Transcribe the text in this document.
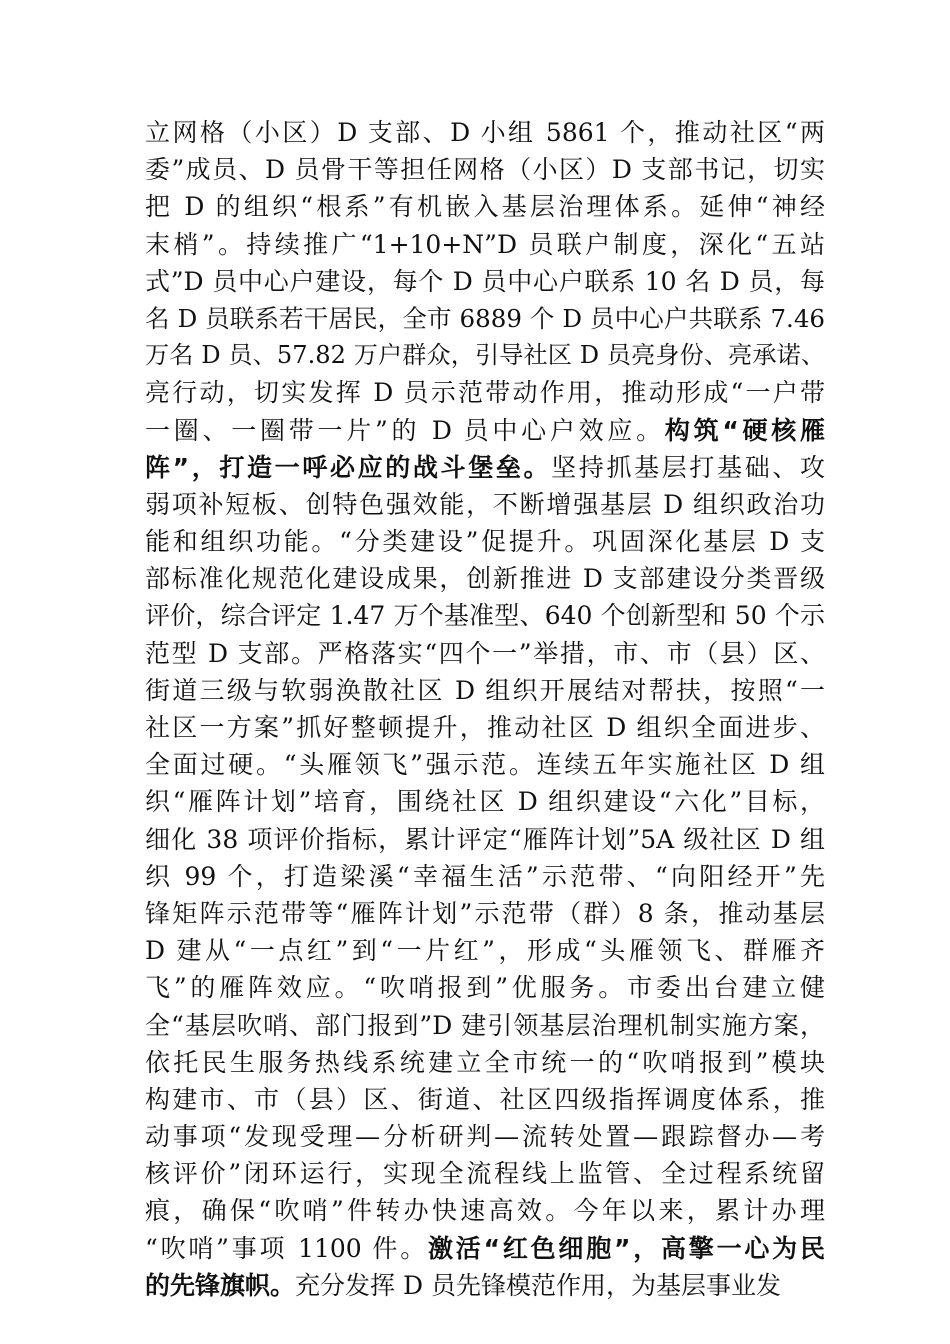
立网格（小区）D 支部、D 小组 5861 个，推动社区“两
委”成员、D 员骨干等担任网格（小区）D 支部书记，切实
把 D 的组织“根系”有机嵌入基层治理体系。延伸“神经
末梢”。持续推广“1+10+N”D 员联户制度，深化“五站
式”D 员中心户建设，每个 D 员中心户联系 10 名 D 员，每
名 D 员联系若干居民，全市 6889 个 D 员中心户共联系 7.46
万名 D 员、57.82 万户群众，引导社区 D 员亮身份、亮承诺、
亮行动，切实发挥 D 员示范带动作用，推动形成“一户带
一圈、一圈带一片”的 D 员中心户效应。构筑“硬核雁
阵”，打造一呼必应的战斗堡垒。坚持抓基层打基础、攻
弱项补短板、创特色强效能，不断增强基层 D 组织政治功
能和组织功能。“分类建设”促提升。巩固深化基层 D 支
部标准化规范化建设成果，创新推进 D 支部建设分类晋级
评价，综合评定 1.47 万个基准型、640 个创新型和 50 个示
范型 D 支部。严格落实“四个一”举措，市、市（县）区、
街道三级与软弱涣散社区 D 组织开展结对帮扶，按照“一
社区一方案”抓好整顿提升，推动社区 D 组织全面进步、
全面过硬。“头雁领飞”强示范。连续五年实施社区 D 组
织“雁阵计划”培育，围绕社区 D 组织建设“六化”目标，
细化 38 项评价指标，累计评定“雁阵计划”5A 级社区 D 组
织 99 个，打造梁溪“幸福生活”示范带、“向阳经开”先
锋矩阵示范带等“雁阵计划”示范带（群）8 条，推动基层
D 建从“一点红”到“一片红”，形成“头雁领飞、群雁齐
飞”的雁阵效应。“吹哨报到”优服务。市委出台建立健
全“基层吹哨、部门报到”D 建引领基层治理机制实施方案，
依托民生服务热线系统建立全市统一的“吹哨报到”模块
构建市、市（县）区、街道、社区四级指挥调度体系，推
动事项“发现受理—分析研判—流转处置—跟踪督办—考
核评价”闭环运行，实现全流程线上监管、全过程系统留
痕，确保“吹哨”件转办快速高效。今年以来，累计办理
“吹哨”事项 1100 件。激活“红色细胞”，高擎一心为民
的先锋旗帜。充分发挥 D 员先锋模范作用，为基层事业发
